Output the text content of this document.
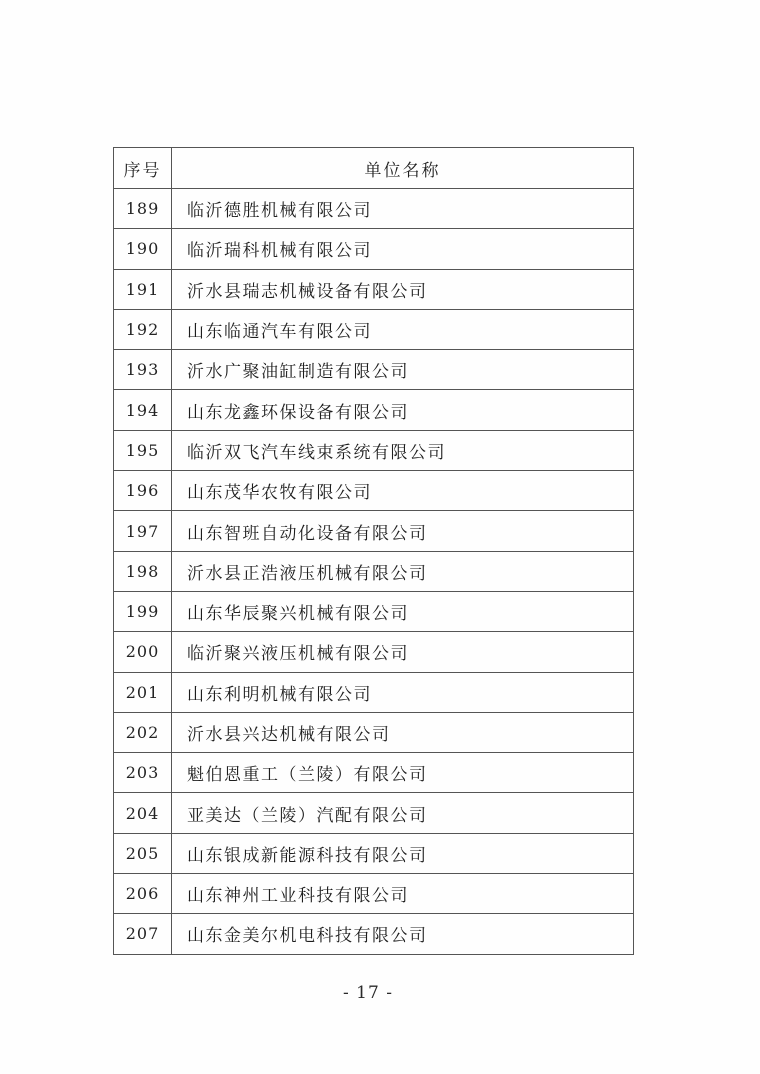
序号	单位名称
189	临沂德胜机械有限公司
190	临沂瑞科机械有限公司
191	沂水县瑞志机械设备有限公司
192	山东临通汽车有限公司
193	沂水广聚油缸制造有限公司
194	山东龙鑫环保设备有限公司
195	临沂双飞汽车线束系统有限公司
196	山东茂华农牧有限公司
197	山东智班自动化设备有限公司
198	沂水县正浩液压机械有限公司
199	山东华辰聚兴机械有限公司
200	临沂聚兴液压机械有限公司
201	山东利明机械有限公司
202	沂水县兴达机械有限公司
203	魁伯恩重工（兰陵）有限公司
204	亚美达（兰陵）汽配有限公司
205	山东银成新能源科技有限公司
206	山东神州工业科技有限公司
207	山东金美尔机电科技有限公司
- 17 -
